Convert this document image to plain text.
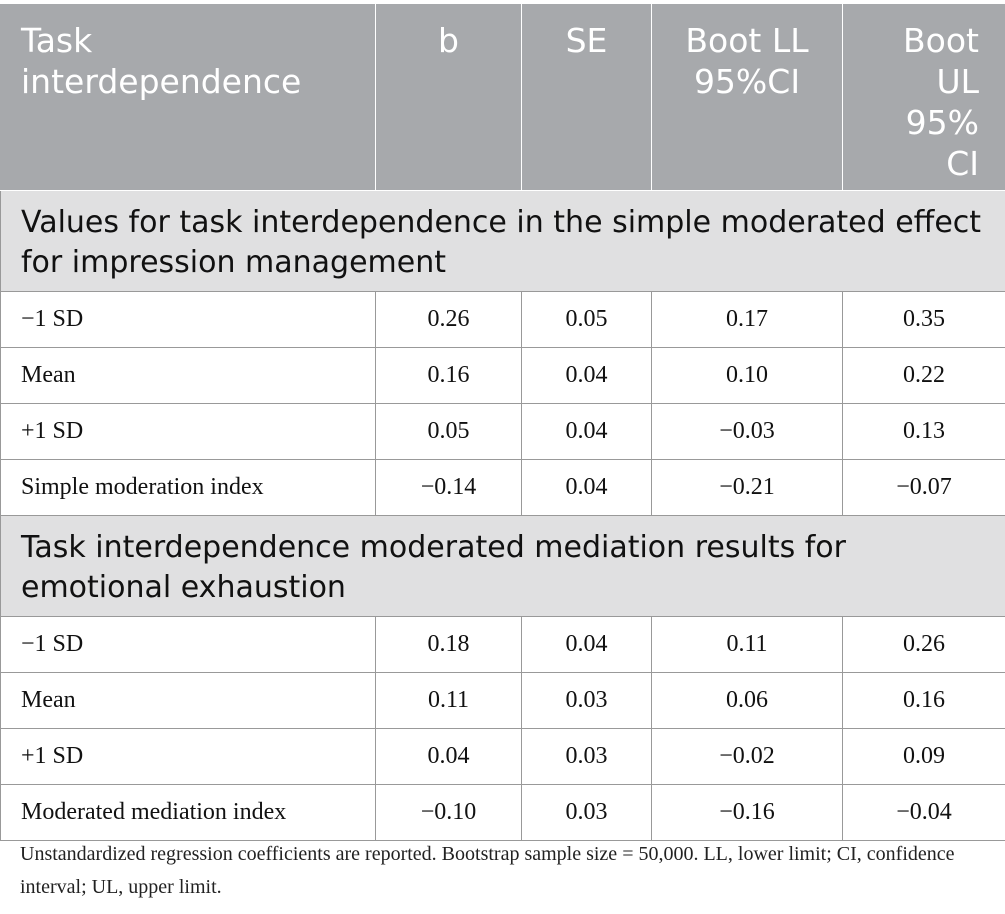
Task interdependence	b	SE	Boot LL 95%CI	Boot UL 95% CI
Values for task interdependence in the simple moderated effect for impression management				
−1 SD	0.26	0.05	0.17	0.35
Mean	0.16	0.04	0.10	0.22
+1 SD	0.05	0.04	−0.03	0.13
Simple moderation index	−0.14	0.04	−0.21	−0.07
Task interdependence moderated mediation results for emotional exhaustion				
−1 SD	0.18	0.04	0.11	0.26
Mean	0.11	0.03	0.06	0.16
+1 SD	0.04	0.03	−0.02	0.09
Moderated mediation index	−0.10	0.03	−0.16	−0.04
Unstandardized regression coefficients are reported. Bootstrap sample size = 50,000. LL, lower limit; CI, confidence interval; UL, upper limit.
